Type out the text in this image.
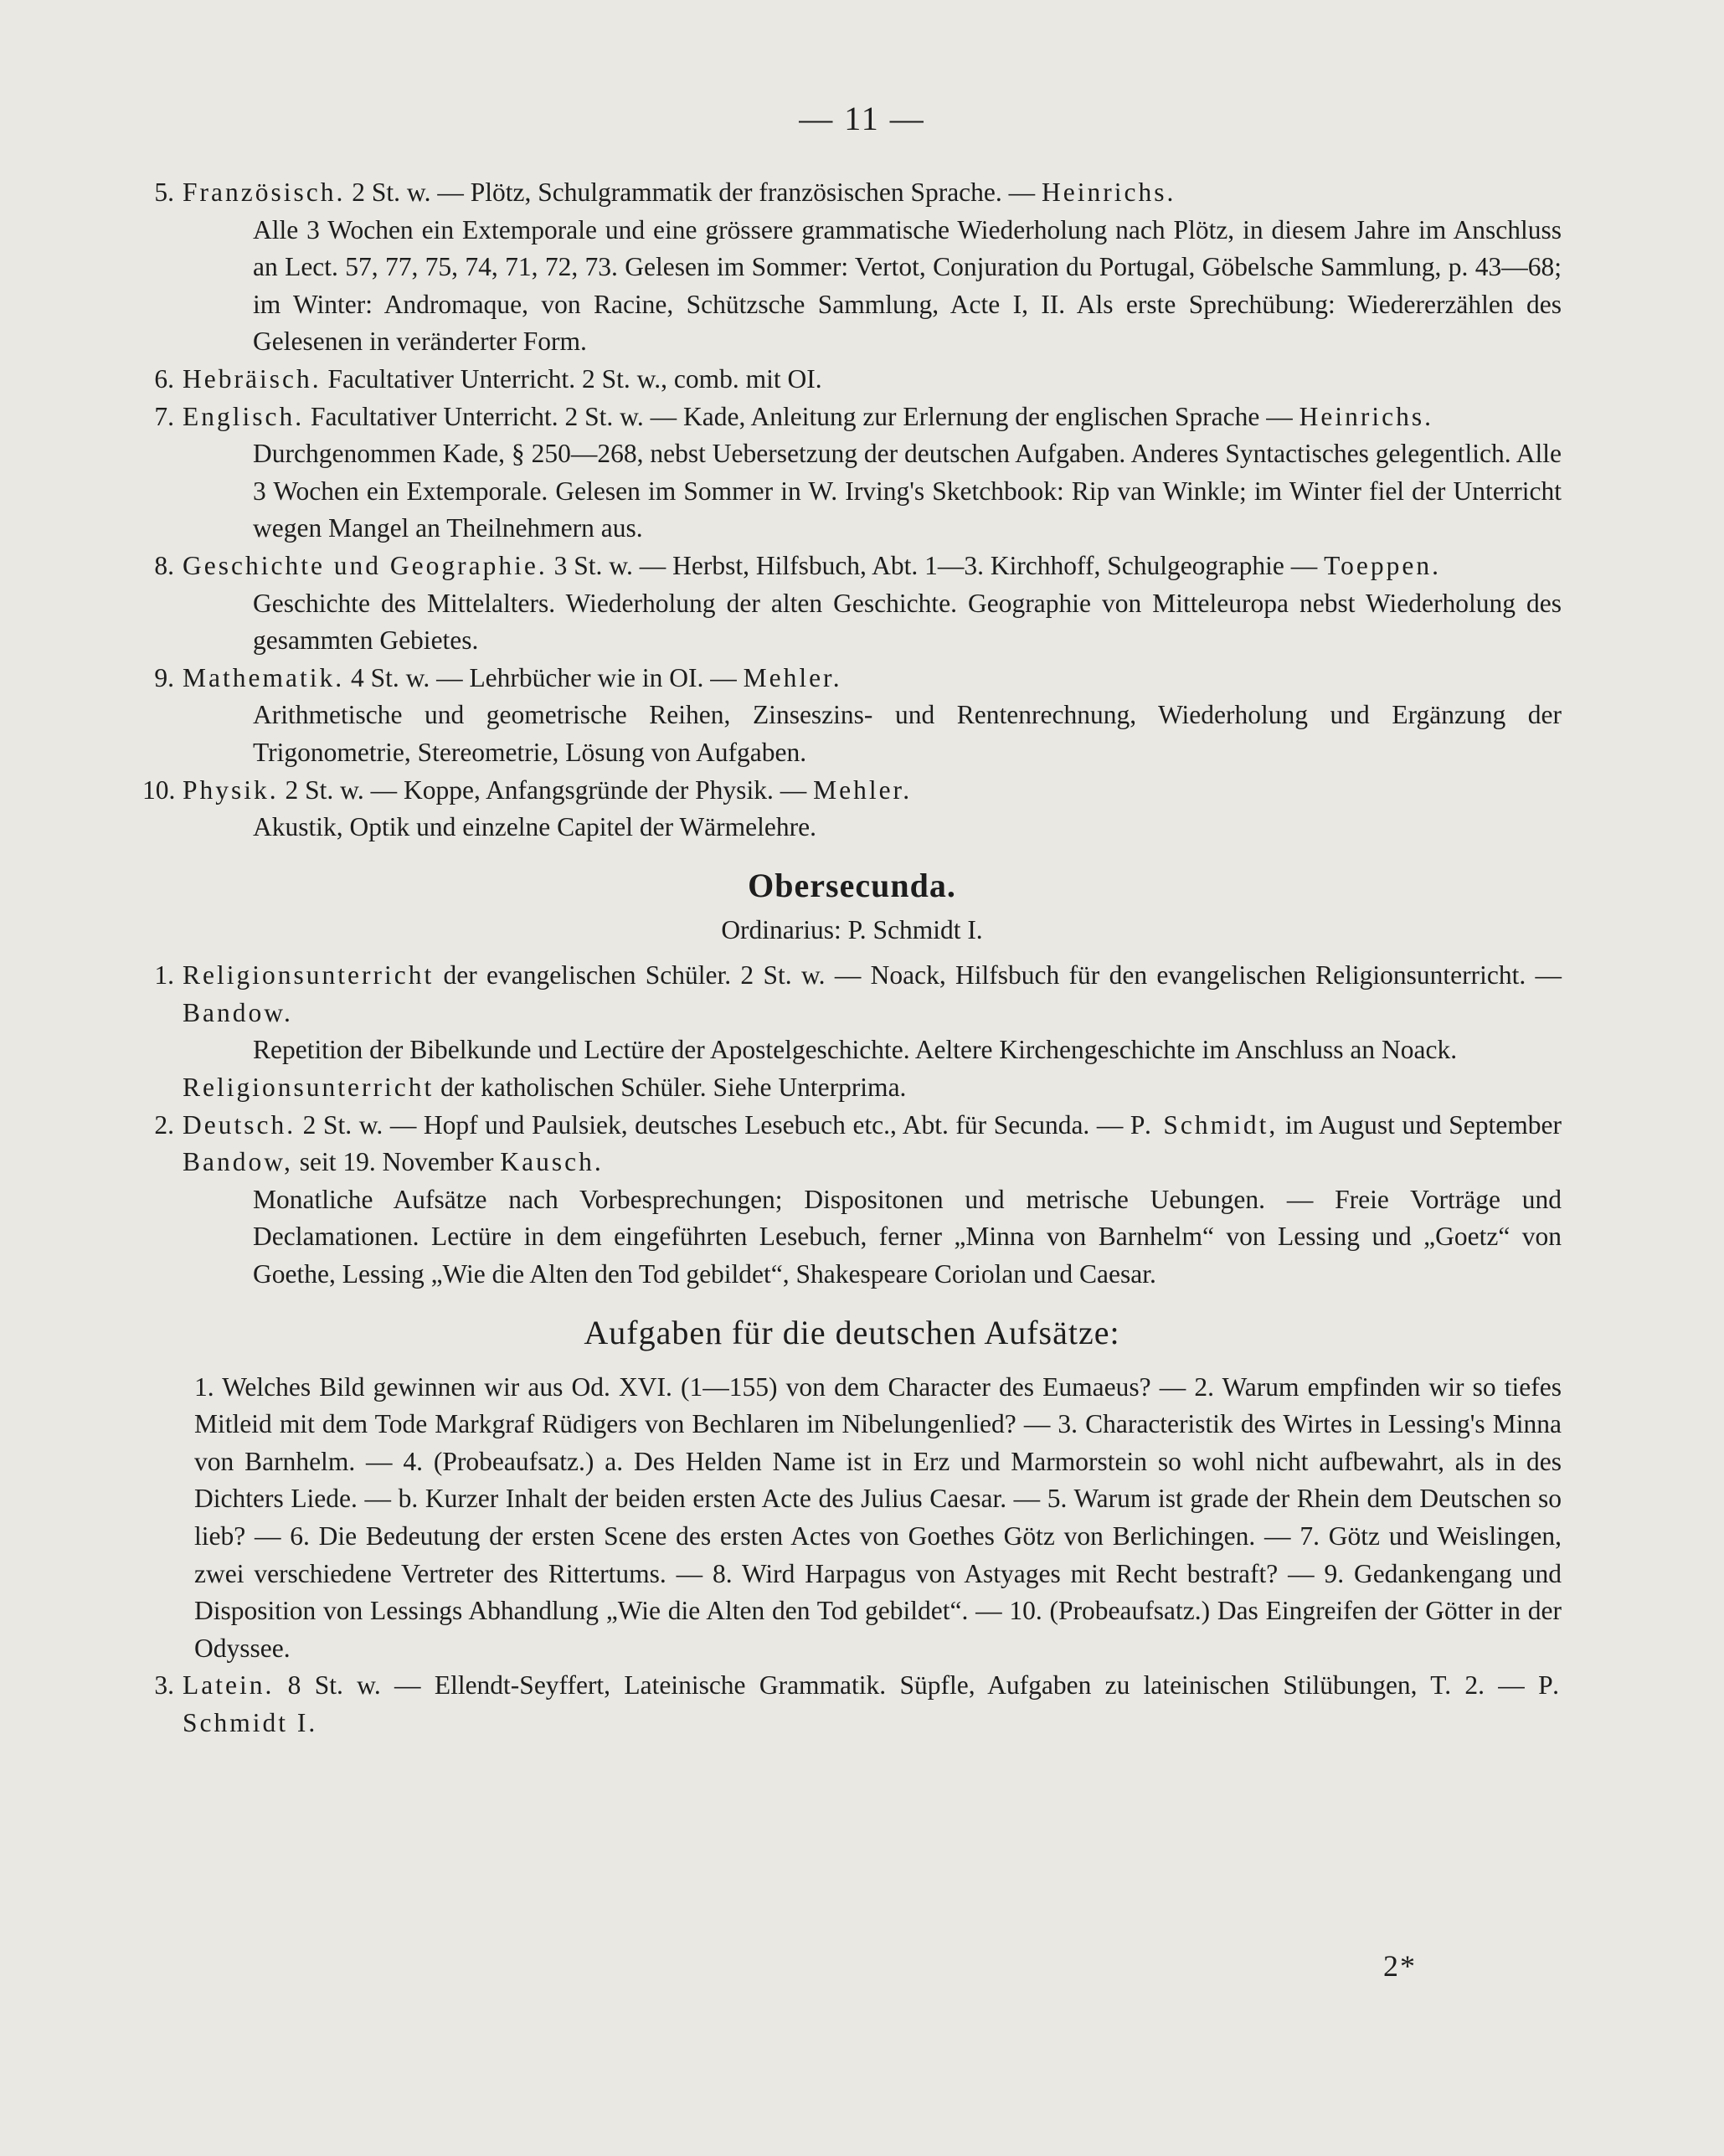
— 11 —
5. Französisch. 2 St. w. — Plötz, Schulgrammatik der französischen Sprache. — Heinrichs.
Alle 3 Wochen ein Extemporale und eine grössere grammatische Wiederholung nach Plötz, in diesem Jahre im Anschluss an Lect. 57, 77, 75, 74, 71, 72, 73. Gelesen im Sommer: Vertot, Conjuration du Portugal, Göbelsche Sammlung, p. 43—68; im Winter: Andromaque, von Racine, Schützsche Sammlung, Acte I, II. Als erste Sprechübung: Wiedererzählen des Gelesenen in veränderter Form.
6. Hebräisch. Facultativer Unterricht. 2 St. w., comb. mit OI.
7. Englisch. Facultativer Unterricht. 2 St. w. — Kade, Anleitung zur Erlernung der englischen Sprache — Heinrichs.
Durchgenommen Kade, § 250—268, nebst Uebersetzung der deutschen Aufgaben. Anderes Syntactisches gelegentlich. Alle 3 Wochen ein Extemporale. Gelesen im Sommer in W. Irving's Sketchbook: Rip van Winkle; im Winter fiel der Unterricht wegen Mangel an Theilnehmern aus.
8. Geschichte und Geographie. 3 St. w. — Herbst, Hilfsbuch, Abt. 1—3. Kirchhoff, Schulgeographie — Toeppen.
Geschichte des Mittelalters. Wiederholung der alten Geschichte. Geographie von Mitteleuropa nebst Wiederholung des gesammten Gebietes.
9. Mathematik. 4 St. w. — Lehrbücher wie in OI. — Mehler.
Arithmetische und geometrische Reihen, Zinseszins- und Rentenrechnung, Wiederholung und Ergänzung der Trigonometrie, Stereometrie, Lösung von Aufgaben.
10. Physik. 2 St. w. — Koppe, Anfangsgründe der Physik. — Mehler.
Akustik, Optik und einzelne Capitel der Wärmelehre.
Obersecunda.
Ordinarius: P. Schmidt I.
1. Religionsunterricht der evangelischen Schüler. 2 St. w. — Noack, Hilfsbuch für den evangelischen Religionsunterricht. — Bandow.
Repetition der Bibelkunde und Lectüre der Apostelgeschichte. Aeltere Kirchengeschichte im Anschluss an Noack.
Religionsunterricht der katholischen Schüler. Siehe Unterprima.
2. Deutsch. 2 St. w. — Hopf und Paulsiek, deutsches Lesebuch etc., Abt. für Secunda. — P. Schmidt, im August und September Bandow, seit 19. November Kausch.
Monatliche Aufsätze nach Vorbesprechungen; Dispositonen und metrische Uebungen. — Freie Vorträge und Declamationen. Lectüre in dem eingeführten Lesebuch, ferner „Minna von Barnhelm“ von Lessing und „Goetz“ von Goethe, Lessing „Wie die Alten den Tod gebildet“, Shakespeare Coriolan und Caesar.
Aufgaben für die deutschen Aufsätze:
1. Welches Bild gewinnen wir aus Od. XVI. (1—155) von dem Character des Eumaeus? — 2. Warum empfinden wir so tiefes Mitleid mit dem Tode Markgraf Rüdigers von Bechlaren im Nibelungenlied? — 3. Characteristik des Wirtes in Lessing's Minna von Barnhelm. — 4. (Probeaufsatz.) a. Des Helden Name ist in Erz und Marmorstein so wohl nicht aufbewahrt, als in des Dichters Liede. — b. Kurzer Inhalt der beiden ersten Acte des Julius Caesar. — 5. Warum ist grade der Rhein dem Deutschen so lieb? — 6. Die Bedeutung der ersten Scene des ersten Actes von Goethes Götz von Berlichingen. — 7. Götz und Weislingen, zwei verschiedene Vertreter des Rittertums. — 8. Wird Harpagus von Astyages mit Recht bestraft? — 9. Gedankengang und Disposition von Lessings Abhandlung „Wie die Alten den Tod gebildet“. — 10. (Probeaufsatz.) Das Eingreifen der Götter in der Odyssee.
3. Latein. 8 St. w. — Ellendt-Seyffert, Lateinische Grammatik. Süpfle, Aufgaben zu lateinischen Stilübungen, T. 2. — P. Schmidt I.
2*
